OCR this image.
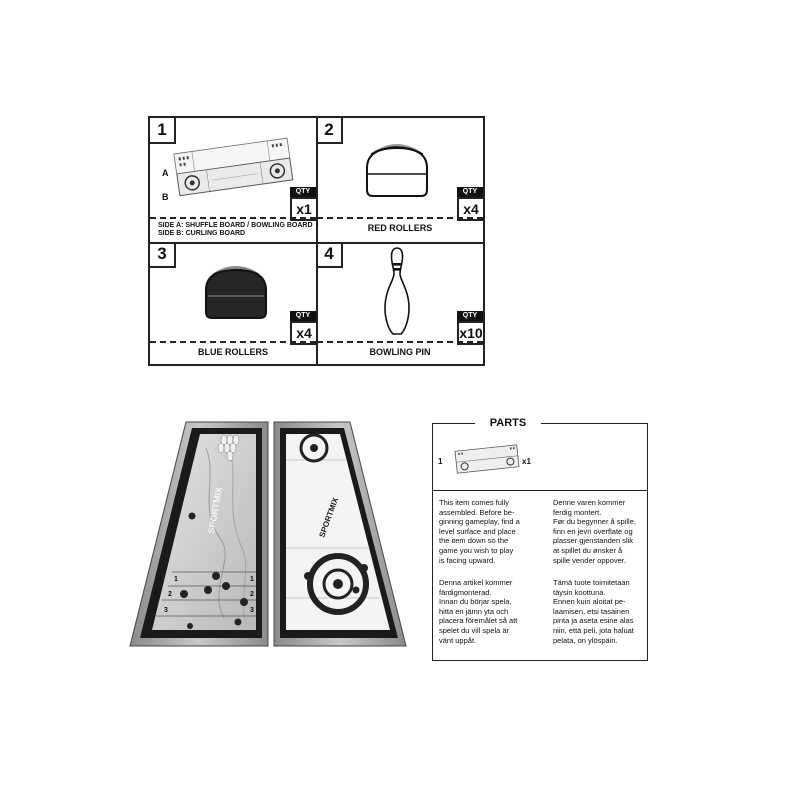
1
A
B
QTY
x1
SIDE A: SHUFFLE BOARD / BOWLING BOARD
SIDE B: CURLING BOARD
2
QTY
x4
RED ROLLERS
3
QTY
x4
BLUE ROLLERS
4
QTY
x10
BOWLING PIN
SPORTMIX
1
2
3
1
2
3
SPORTMIX
1	x1
This item comes fully
assembled. Before be-
ginning gameplay, find a
level surface and place
the item down so the
game you wish to play
is facing upward.
Denne varen kommer
ferdig montert.
Før du begynner å spille,
finn en jevn overflate og
plasser gjenstanden slik
at spillet du ønsker å
spille vender oppover.
Denna artikel kommer
färdigmonterad.
Innan du börjar spela,
hitta en jämn yta och
placera föremålet så att
spelet du vill spela är
vänt uppåt.
Tämä tuote toimitetaan
täysin koottuna.
Ennen kuin aloitat pe-
laamisen, etsi tasainen
pinta ja aseta esine alas
niin, että peli, jota haluat
pelata, on ylöspäin.
PARTS
